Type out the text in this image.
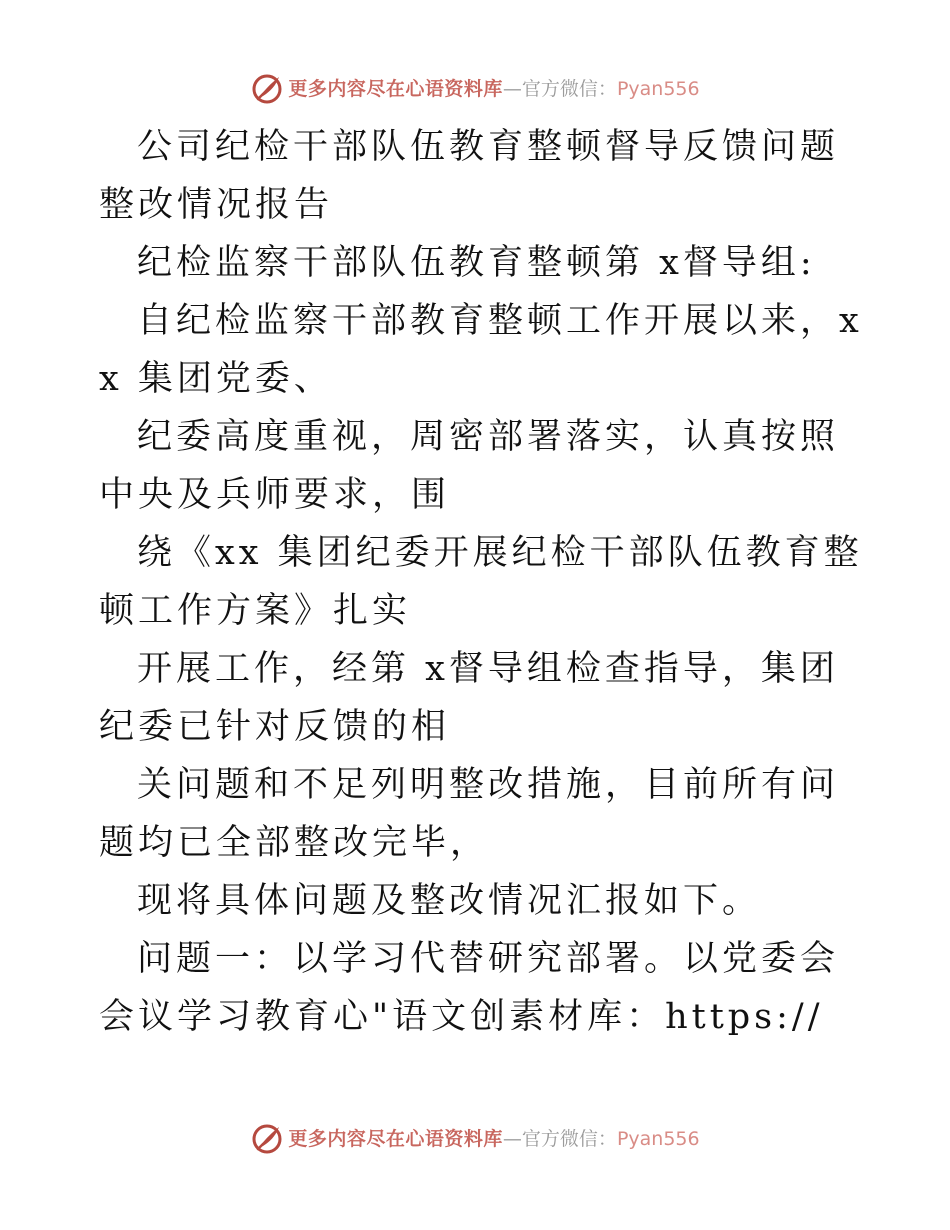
更多内容尽在心语资料库—官方微信：Pyan556

公司纪检干部队伍教育整顿督导反馈问题整改情况报告

纪检监察干部队伍教育整顿第 x督导组:

自纪检监察干部教育整顿工作开展以来，xx 集团党委、

纪委高度重视，周密部署落实，认真按照中央及兵师要求，围

绕《xx 集团纪委开展纪检干部队伍教育整顿工作方案》扎实

开展工作，经第 x督导组检查指导，集团纪委已针对反馈的相

关问题和不足列明整改措施，目前所有问题均已全部整改完毕，

现将具体问题及整改情况汇报如下。

问题一：以学习代替研究部署。以党委会会议学习教育心"语文创素材库：https://

更多内容尽在心语资料库—官方微信：Pyan556
